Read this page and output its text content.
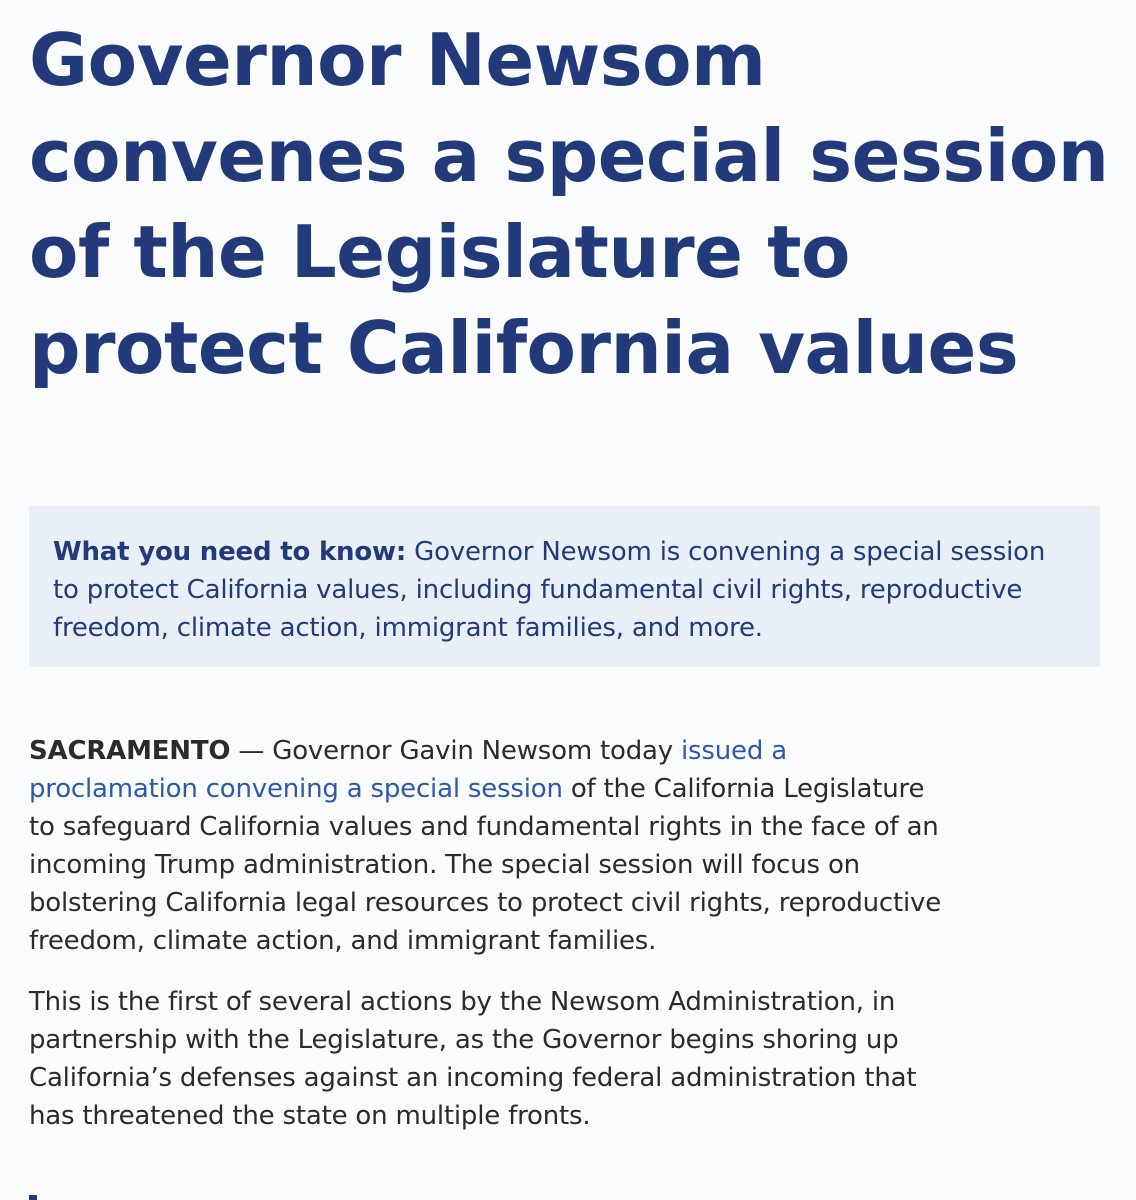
Governor Newsom convenes a special session of the Legislature to protect California values

What you need to know: Governor Newsom is convening a special session to protect California values, including fundamental civil rights, reproductive freedom, climate action, immigrant families, and more.

SACRAMENTO — Governor Gavin Newsom today issued a proclamation convening a special session of the California Legislature to safeguard California values and fundamental rights in the face of an incoming Trump administration. The special session will focus on bolstering California legal resources to protect civil rights, reproductive freedom, climate action, and immigrant families.

This is the first of several actions by the Newsom Administration, in partnership with the Legislature, as the Governor begins shoring up California’s defenses against an incoming federal administration that has threatened the state on multiple fronts.
